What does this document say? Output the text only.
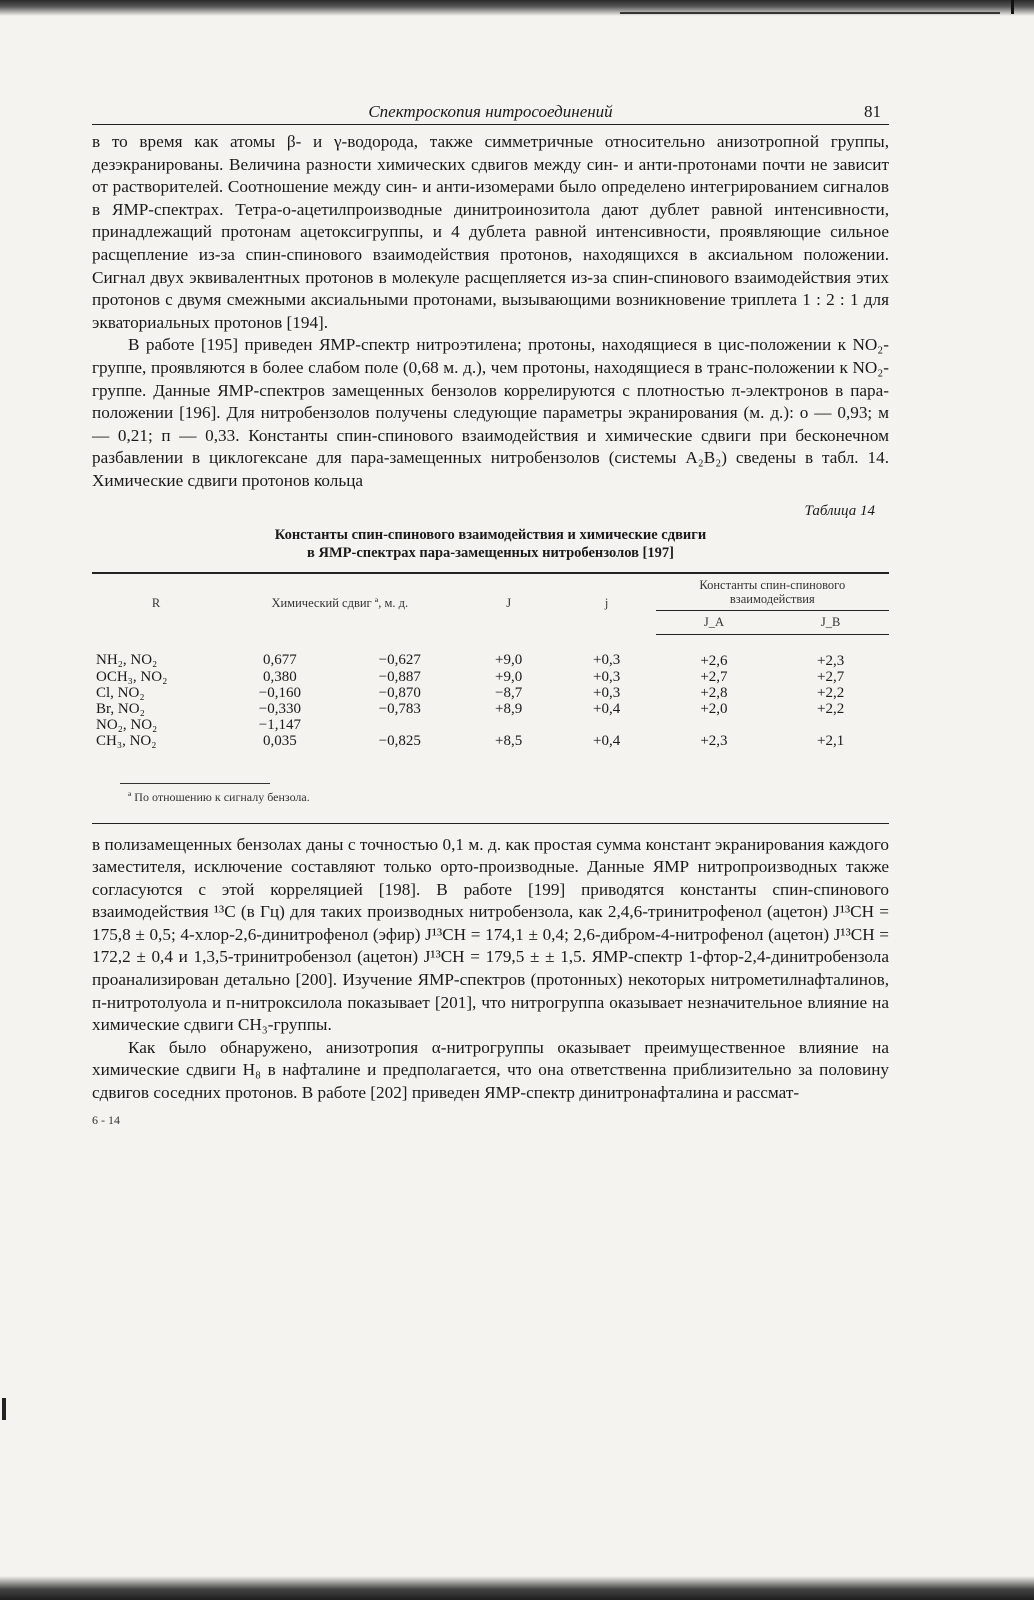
Спектроскопия нитросоединений	81

в то время как атомы β- и γ-водорода, также симметричные относительно анизотропной группы, дезэкранированы. Величина разности химических сдвигов между син- и анти-протонами почти не зависит от растворителей. Соотношение между син- и анти-изомерами было определено интегрированием сигналов в ЯМР-спектрах. Тетра-о-ацетилпроизводные динитроинозитола дают дублет равной интенсивности, принадлежащий протонам ацетоксигруппы, и 4 дублета равной интенсивности, проявляющие сильное расщепление из-за спин-спинового взаимодействия протонов, находящихся в аксиальном положении. Сигнал двух эквивалентных протонов в молекуле расщепляется из-за спин-спинового взаимодействия этих протонов с двумя смежными аксиальными протонами, вызывающими возникновение триплета 1 : 2 : 1 для экваториальных протонов [194].

В работе [195] приведен ЯМР-спектр нитроэтилена; протоны, находящиеся в цис-положении к NO₂-группе, проявляются в более слабом поле (0,68 м. д.), чем протоны, находящиеся в транс-положении к NO₂-группе. Данные ЯМР-спектров замещенных бензолов коррелируются с плотностью π-электронов в пара-положении [196]. Для нитробензолов получены следующие параметры экранирования (м. д.): о — 0,93; м — 0,21; п — 0,33. Константы спин-спинового взаимодействия и химические сдвиги при бесконечном разбавлении в циклогексане для пара-замещенных нитробензолов (системы A₂B₂) сведены в табл. 14. Химические сдвиги протонов кольца

Таблица 14
Константы спин-спинового взаимодействия и химические сдвиги
в ЯМР-спектрах пара-замещенных нитробензолов [197]
R	Химический сдвиг ª, м. д.		J	j	Константы спин-спинового взаимодействия	
					J_A	J_B
NH₂, NO₂	0,677	−0,627	+9,0	+0,3	+2,6	+2,3
OCH₃, NO₂	0,380	−0,887	+9,0	+0,3	+2,7	+2,7
Cl, NO₂	−0,160	−0,870	−8,7	+0,3	+2,8	+2,2
Br, NO₂	−0,330	−0,783	+8,9	+0,4	+2,0	+2,2
NO₂, NO₂	−1,147					
CH₃, NO₂	0,035	−0,825	+8,5	+0,4	+2,3	+2,1
ª По отношению к сигналу бензола.

в полизамещенных бензолах даны с точностью 0,1 м. д. как простая сумма констант экранирования каждого заместителя, исключение составляют только орто-производные. Данные ЯМР нитропроизводных также согласуются с этой корреляцией [198]. В работе [199] приводятся константы спин-спинового взаимодействия ¹³C (в Гц) для таких производных нитробензола, как 2,4,6-тринитрофенол (ацетон) J¹³CH = 175,8 ± 0,5; 4-хлор-2,6-динитрофенол (эфир) J¹³CH = 174,1 ± 0,4; 2,6-дибром-4-нитрофенол (ацетон) J¹³CH = 172,2 ± 0,4 и 1,3,5-тринитробензол (ацетон) J¹³CH = 179,5 ± ± 1,5. ЯМР-спектр 1-фтор-2,4-динитробензола проанализирован детально [200]. Изучение ЯМР-спектров (протонных) некоторых нитрометилнафталинов, п-нитротолуола и п-нитроксилола показывает [201], что нитрогруппа оказывает незначительное влияние на химические сдвиги CH₃-группы.

Как было обнаружено, анизотропия α-нитрогруппы оказывает преимущественное влияние на химические сдвиги H₈ в нафталине и предполагается, что она ответственна приблизительно за половину сдвигов соседних протонов. В работе [202] приведен ЯМР-спектр динитронафталина и рассмат-

6 - 14
